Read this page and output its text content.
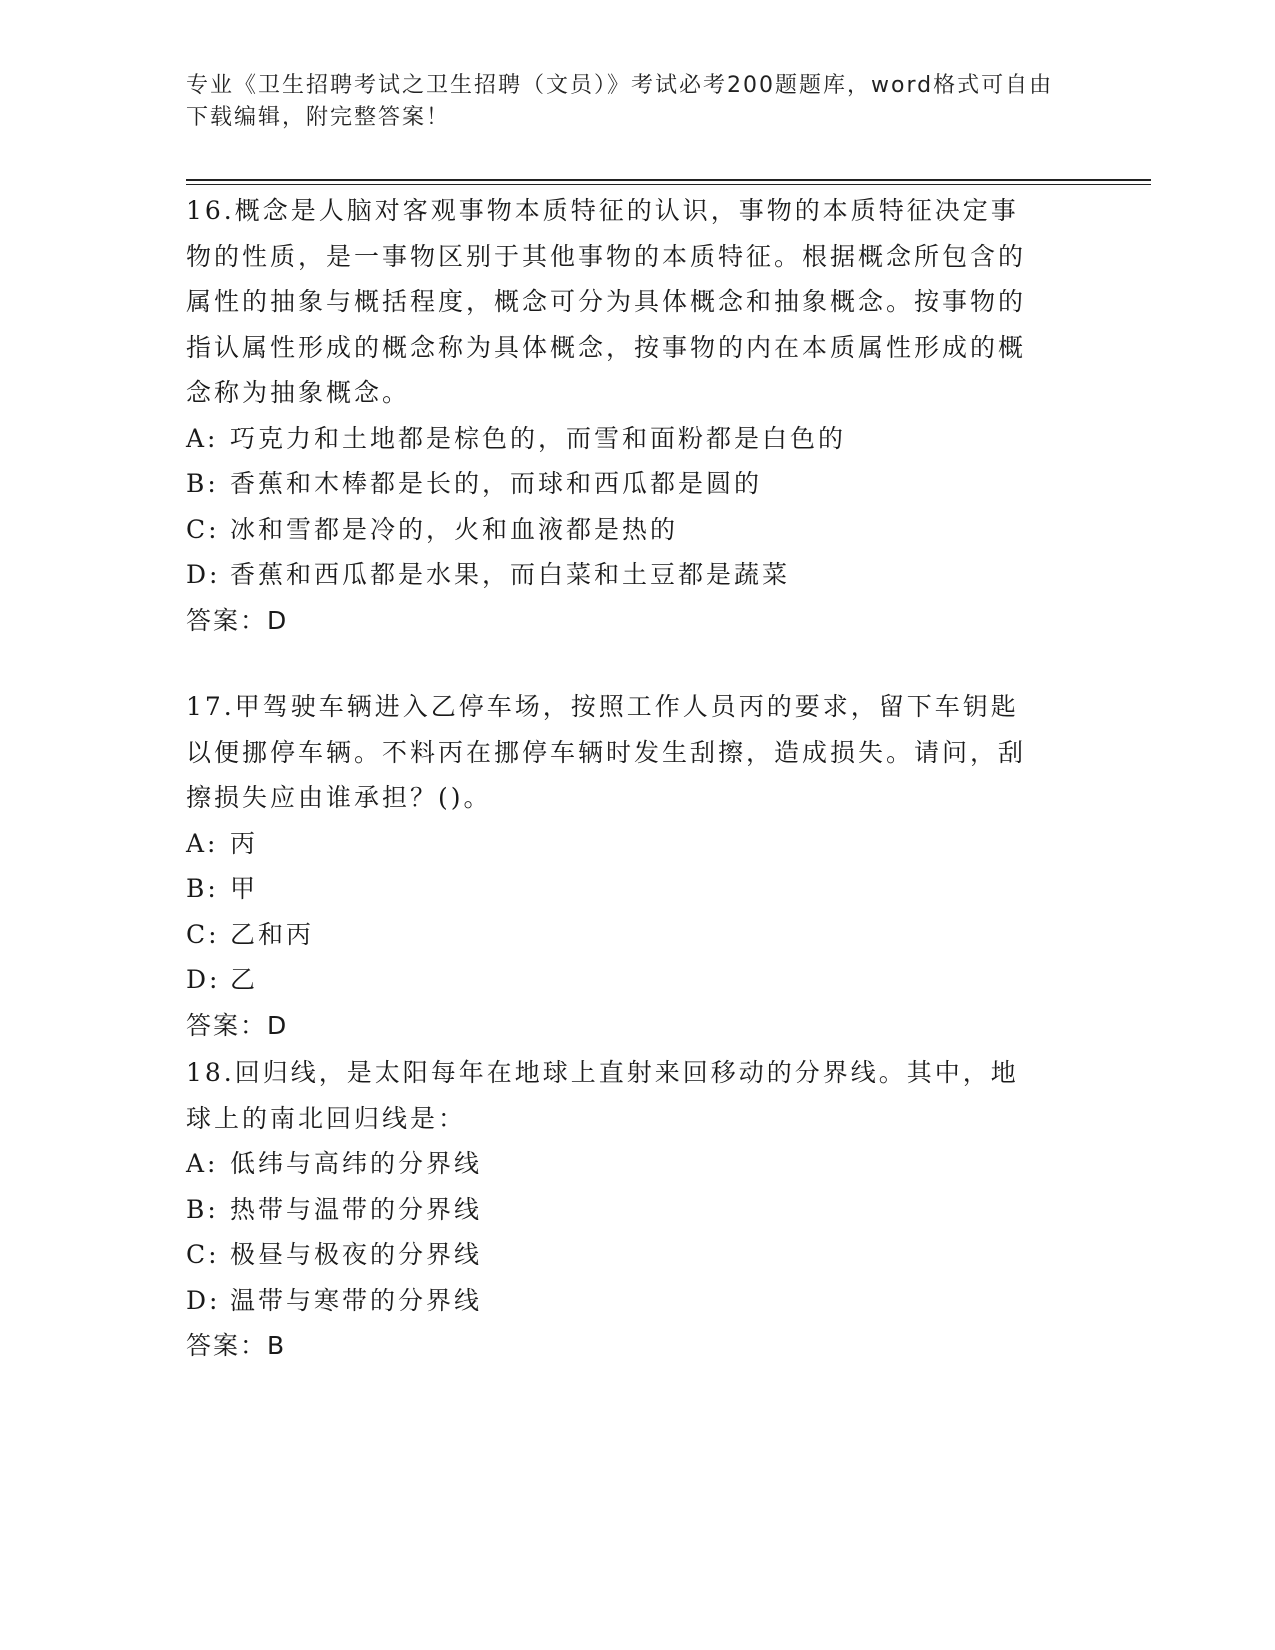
专业《卫生招聘考试之卫生招聘（文员）》考试必考200题题库，word格式可自由下载编辑，附完整答案！

16.概念是人脑对客观事物本质特征的认识，事物的本质特征决定事物的性质，是一事物区别于其他事物的本质特征。根据概念所包含的属性的抽象与概括程度，概念可分为具体概念和抽象概念。按事物的指认属性形成的概念称为具体概念，按事物的内在本质属性形成的概念称为抽象概念。

A: 巧克力和土地都是棕色的，而雪和面粉都是白色的

B: 香蕉和木棒都是长的，而球和西瓜都是圆的

C: 冰和雪都是冷的，火和血液都是热的

D: 香蕉和西瓜都是水果，而白菜和土豆都是蔬菜

答案：D

17.甲驾驶车辆进入乙停车场，按照工作人员丙的要求，留下车钥匙以便挪停车辆。不料丙在挪停车辆时发生刮擦，造成损失。请问，刮擦损失应由谁承担？()。

A: 丙

B: 甲

C: 乙和丙

D: 乙

答案：D

18.回归线，是太阳每年在地球上直射来回移动的分界线。其中，地球上的南北回归线是：

A: 低纬与高纬的分界线

B: 热带与温带的分界线

C: 极昼与极夜的分界线

D: 温带与寒带的分界线

答案：B
